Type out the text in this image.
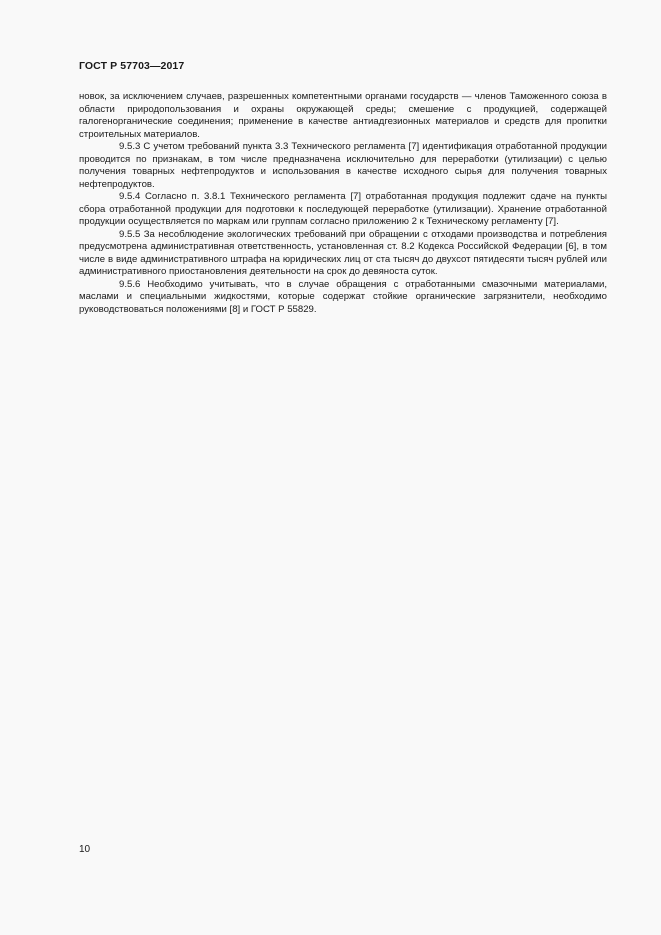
ГОСТ Р 57703—2017

новок, за исключением случаев, разрешенных компетентными органами государств — членов Таможенного союза в области природопользования и охраны окружающей среды; смешение с продукцией, содержащей галогенорганические соединения; применение в качестве антиадгезионных материалов и средств для пропитки строительных материалов.

9.5.3 С учетом требований пункта 3.3 Технического регламента [7] идентификация отработанной продукции проводится по признакам, в том числе предназначена исключительно для переработки (утилизации) с целью получения товарных нефтепродуктов и использования в качестве исходного сырья для получения товарных нефтепродуктов.

9.5.4 Согласно п. 3.8.1 Технического регламента [7] отработанная продукция подлежит сдаче на пункты сбора отработанной продукции для подготовки к последующей переработке (утилизации). Хранение отработанной продукции осуществляется по маркам или группам согласно приложению 2 к Техническому регламенту [7].

9.5.5 За несоблюдение экологических требований при обращении с отходами производства и потребления предусмотрена административная ответственность, установленная ст. 8.2 Кодекса Российской Федерации [6], в том числе в виде административного штрафа на юридических лиц от ста тысяч до двухсот пятидесяти тысяч рублей или административного приостановления деятельности на срок до девяноста суток.

9.5.6 Необходимо учитывать, что в случае обращения с отработанными смазочными материалами, маслами и специальными жидкостями, которые содержат стойкие органические загрязнители, необходимо руководствоваться положениями [8] и ГОСТ Р 55829.

10
